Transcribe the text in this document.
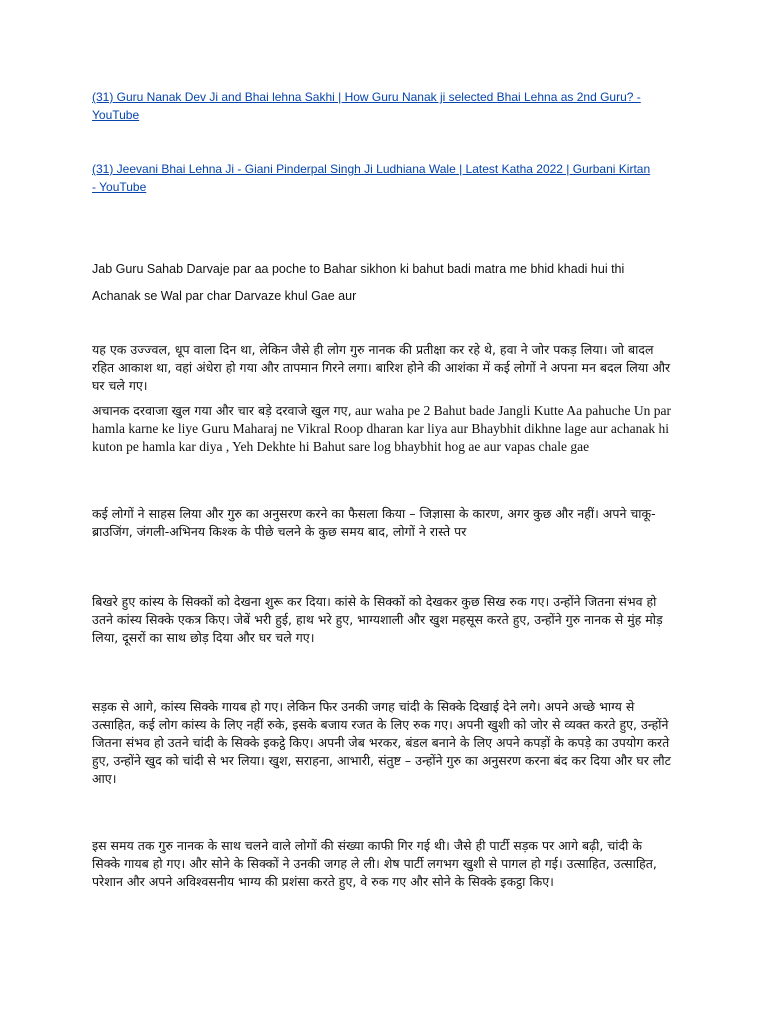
(31) Guru Nanak Dev Ji and Bhai lehna Sakhi | How Guru Nanak ji selected Bhai Lehna as 2nd Guru? - YouTube
(31) Jeevani Bhai Lehna Ji - Giani Pinderpal Singh Ji Ludhiana Wale | Latest Katha 2022 | Gurbani Kirtan - YouTube

Jab Guru Sahab Darvaje par aa poche to Bahar sikhon ki bahut badi matra me bhid khadi hui thi

Achanak se Wal par char Darvaze khul Gae aur

यह एक उज्ज्वल, धूप वाला दिन था, लेकिन जैसे ही लोग गुरु नानक की प्रतीक्षा कर रहे थे, हवा ने जोर पकड़ लिया। जो बादल रहित आकाश था, वहां अंधेरा हो गया और तापमान गिरने लगा। बारिश होने की आशंका में कई लोगों ने अपना मन बदल लिया और घर चले गए।

अचानक दरवाजा खुल गया और चार बड़े दरवाजे खुल गए, aur waha pe 2 Bahut bade Jangli Kutte Aa pahuche Un par hamla karne ke liye Guru Maharaj ne Vikral Roop dharan kar liya aur Bhaybhit dikhne lage aur achanak hi kuton pe hamla kar diya , Yeh Dekhte hi Bahut sare log bhaybhit hog ae aur vapas chale gae

कई लोगों ने साहस लिया और गुरु का अनुसरण करने का फैसला किया – जिज्ञासा के कारण, अगर कुछ और नहीं। अपने चाकू-ब्राउजिंग, जंगली-अभिनय किश्क के पीछे चलने के कुछ समय बाद, लोगों ने रास्ते पर

बिखरे हुए कांस्य के सिक्कों को देखना शुरू कर दिया। कांसे के सिक्कों को देखकर कुछ सिख रुक गए। उन्होंने जितना संभव हो उतने कांस्य सिक्के एकत्र किए। जेबें भरी हुई, हाथ भरे हुए, भाग्यशाली और खुश महसूस करते हुए, उन्होंने गुरु नानक से मुंह मोड़ लिया, दूसरों का साथ छोड़ दिया और घर चले गए।

सड़क से आगे, कांस्य सिक्के गायब हो गए। लेकिन फिर उनकी जगह चांदी के सिक्के दिखाई देने लगे। अपने अच्छे भाग्य से उत्साहित, कई लोग कांस्य के लिए नहीं रुके, इसके बजाय रजत के लिए रुक गए। अपनी खुशी को जोर से व्यक्त करते हुए, उन्होंने जितना संभव हो उतने चांदी के सिक्के इकट्ठे किए। अपनी जेब भरकर, बंडल बनाने के लिए अपने कपड़ों के कपड़े का उपयोग करते हुए, उन्होंने खुद को चांदी से भर लिया। खुश, सराहना, आभारी, संतुष्ट – उन्होंने गुरु का अनुसरण करना बंद कर दिया और घर लौट आए।

इस समय तक गुरु नानक के साथ चलने वाले लोगों की संख्या काफी गिर गई थी। जैसे ही पार्टी सड़क पर आगे बढ़ी, चांदी के सिक्के गायब हो गए। और सोने के सिक्कों ने उनकी जगह ले ली। शेष पार्टी लगभग खुशी से पागल हो गई। उत्साहित, उत्साहित, परेशान और अपने अविश्वसनीय भाग्य की प्रशंसा करते हुए, वे रुक गए और सोने के सिक्के इकट्ठा किए।
